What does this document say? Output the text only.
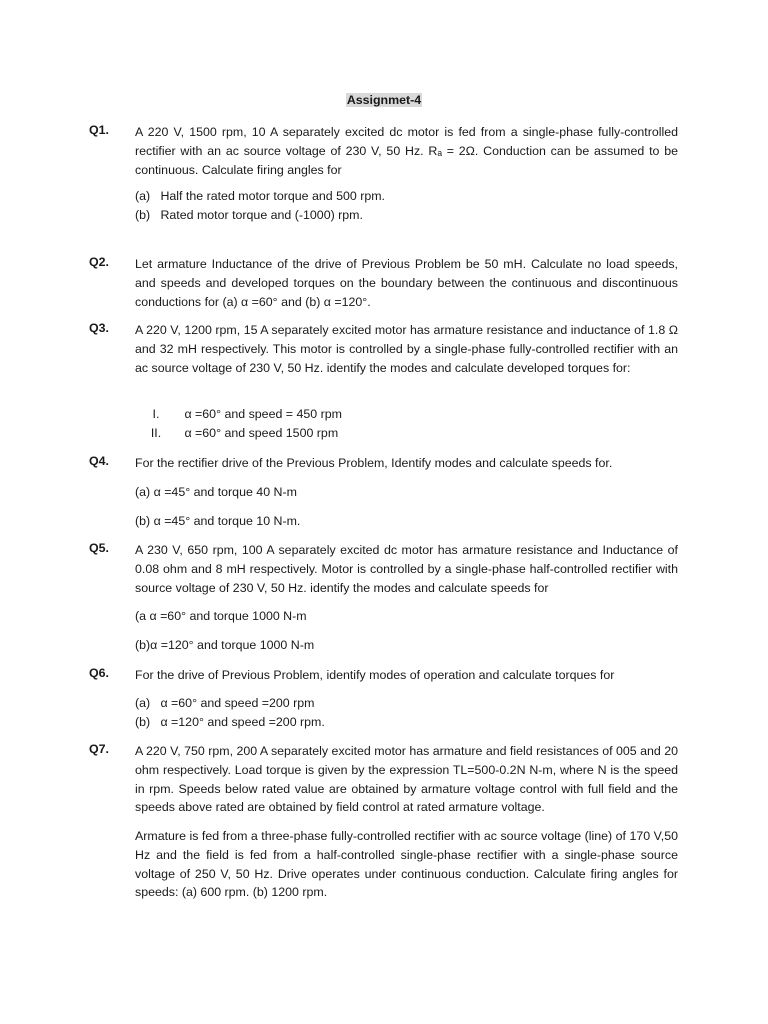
Assignmet-4
Q1.	A 220 V, 1500 rpm, 10 A separately excited dc motor is fed from a single-phase fully-controlled rectifier with an ac source voltage of 230 V, 50 Hz. Rₐ = 2Ω. Conduction can be assumed to be continuous. Calculate firing angles for
(a) Half the rated motor torque and 500 rpm.
(b) Rated motor torque and (-1000) rpm.
Q2.	Let armature Inductance of the drive of Previous Problem be 50 mH. Calculate no load speeds, and speeds and developed torques on the boundary between the continuous and discontinuous conductions for (a) α =60° and (b) α =120°.
Q3.	A 220 V, 1200 rpm, 15 A separately excited motor has armature resistance and inductance of 1.8 Ω and 32 mH respectively. This motor is controlled by a single-phase fully-controlled rectifier with an ac source voltage of 230 V, 50 Hz. identify the modes and calculate developed torques for:
I. α =60° and speed = 450 rpm
II. α =60° and speed 1500 rpm
Q4.	For the rectifier drive of the Previous Problem, Identify modes and calculate speeds for.
(a) α =45° and torque 40 N-m
(b) α =45° and torque 10 N-m.
Q5.	A 230 V, 650 rpm, 100 A separately excited dc motor has armature resistance and Inductance of 0.08 ohm and 8 mH respectively. Motor is controlled by a single-phase half-controlled rectifier with source voltage of 230 V, 50 Hz. identify the modes and calculate speeds for
(a α =60° and torque 1000 N-m
(b)α =120° and torque 1000 N-m
Q6.	For the drive of Previous Problem, identify modes of operation and calculate torques for
(a) α =60° and speed =200 rpm
(b) α =120° and speed =200 rpm.
Q7.	A 220 V, 750 rpm, 200 A separately excited motor has armature and field resistances of 005 and 20 ohm respectively. Load torque is given by the expression TL=500-0.2N N-m, where N is the speed in rpm. Speeds below rated value are obtained by armature voltage control with full field and the speeds above rated are obtained by field control at rated armature voltage.
Armature is fed from a three-phase fully-controlled rectifier with ac source voltage (line) of 170 V,50 Hz and the field is fed from a half-controlled single-phase rectifier with a single-phase source voltage of 250 V, 50 Hz. Drive operates under continuous conduction. Calculate firing angles for speeds: (a) 600 rpm. (b) 1200 rpm.
